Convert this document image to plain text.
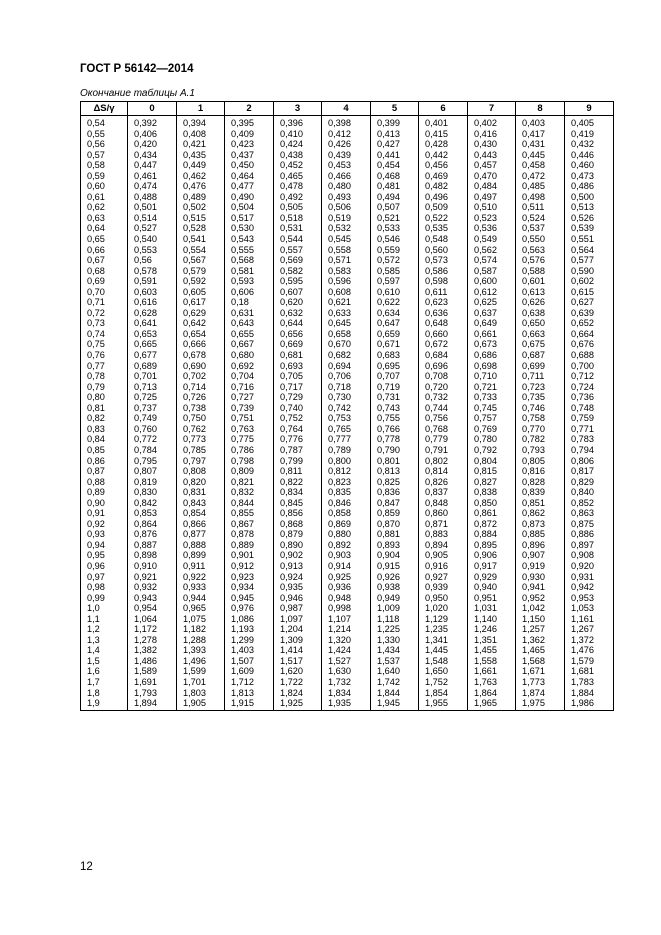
ГОСТ Р 56142—2014
Окончание таблицы А.1
ΔS/γ	0	1	2	3	4	5	6	7	8	9
0,54	0,392	0,394	0,395	0,396	0,398	0,399	0,401	0,402	0,403	0,405
0,55	0,406	0,408	0,409	0,410	0,412	0,413	0,415	0,416	0,417	0,419
0,56	0,420	0,421	0,423	0,424	0,426	0,427	0,428	0,430	0,431	0,432
0,57	0,434	0,435	0,437	0,438	0,439	0,441	0,442	0,443	0,445	0,446
0,58	0,447	0,449	0,450	0,452	0,453	0,454	0,456	0,457	0,458	0,460
0,59	0,461	0,462	0,464	0,465	0,466	0,468	0,469	0,470	0,472	0,473
0,60	0,474	0,476	0,477	0,478	0,480	0,481	0,482	0,484	0,485	0,486
0,61	0,488	0,489	0,490	0,492	0,493	0,494	0,496	0,497	0,498	0,500
0,62	0,501	0,502	0,504	0,505	0,506	0,507	0,509	0,510	0,511	0,513
0,63	0,514	0,515	0,517	0,518	0,519	0,521	0,522	0,523	0,524	0,526
0,64	0,527	0,528	0,530	0,531	0,532	0,533	0,535	0,536	0,537	0,539
0,65	0,540	0,541	0,543	0,544	0,545	0,546	0,548	0,549	0,550	0,551
0,66	0,553	0,554	0,555	0,557	0,558	0,559	0,560	0,562	0,563	0,564
0,67	0,56	0,567	0,568	0,569	0,571	0,572	0,573	0,574	0,576	0,577
0,68	0,578	0,579	0,581	0,582	0,583	0,585	0,586	0,587	0,588	0,590
0,69	0,591	0,592	0,593	0,595	0,596	0,597	0,598	0,600	0,601	0,602
0,70	0,603	0,605	0,606	0,607	0,608	0,610	0,611	0,612	0,613	0,615
0,71	0,616	0,617	0,18	0,620	0,621	0,622	0,623	0,625	0,626	0,627
0,72	0,628	0,629	0,631	0,632	0,633	0,634	0,636	0,637	0,638	0,639
0,73	0,641	0,642	0,643	0,644	0,645	0,647	0,648	0,649	0,650	0,652
0,74	0,653	0,654	0,655	0,656	0,658	0,659	0,660	0,661	0,663	0,664
0,75	0,665	0,666	0,667	0,669	0,670	0,671	0,672	0,673	0,675	0,676
0,76	0,677	0,678	0,680	0,681	0,682	0,683	0,684	0,686	0,687	0,688
0,77	0,689	0,690	0,692	0,693	0,694	0,695	0,696	0,698	0,699	0,700
0,78	0,701	0,702	0,704	0,705	0,706	0,707	0,708	0,710	0,711	0,712
0,79	0,713	0,714	0,716	0,717	0,718	0,719	0,720	0,721	0,723	0,724
0,80	0,725	0,726	0,727	0,729	0,730	0,731	0,732	0,733	0,735	0,736
0,81	0,737	0,738	0,739	0,740	0,742	0,743	0,744	0,745	0,746	0,748
0,82	0,749	0,750	0,751	0,752	0,753	0,755	0,756	0,757	0,758	0,759
0,83	0,760	0,762	0,763	0,764	0,765	0,766	0,768	0,769	0,770	0,771
0,84	0,772	0,773	0,775	0,776	0,777	0,778	0,779	0,780	0,782	0,783
0,85	0,784	0,785	0,786	0,787	0,789	0,790	0,791	0,792	0,793	0,794
0,86	0,795	0,797	0,798	0,799	0,800	0,801	0,802	0,804	0,805	0,806
0,87	0,807	0,808	0,809	0,811	0,812	0,813	0,814	0,815	0,816	0,817
0,88	0,819	0,820	0,821	0,822	0,823	0,825	0,826	0,827	0,828	0,829
0,89	0,830	0,831	0,832	0,834	0,835	0,836	0,837	0,838	0,839	0,840
0,90	0,842	0,843	0,844	0,845	0,846	0,847	0,848	0,850	0,851	0,852
0,91	0,853	0,854	0,855	0,856	0,858	0,859	0,860	0,861	0,862	0,863
0,92	0,864	0,866	0,867	0,868	0,869	0,870	0,871	0,872	0,873	0,875
0,93	0,876	0,877	0,878	0,879	0,880	0,881	0,883	0,884	0,885	0,886
0,94	0,887	0,888	0,889	0,890	0,892	0,893	0,894	0,895	0,896	0,897
0,95	0,898	0,899	0,901	0,902	0,903	0,904	0,905	0,906	0,907	0,908
0,96	0,910	0,911	0,912	0,913	0,914	0,915	0,916	0,917	0,919	0,920
0,97	0,921	0,922	0,923	0,924	0,925	0,926	0,927	0,929	0,930	0,931
0,98	0,932	0,933	0,934	0,935	0,936	0,938	0,939	0,940	0,941	0,942
0,99	0,943	0,944	0,945	0,946	0,948	0,949	0,950	0,951	0,952	0,953
1,0	0,954	0,965	0,976	0,987	0,998	1,009	1,020	1,031	1,042	1,053
1,1	1,064	1,075	1,086	1,097	1,107	1,118	1,129	1,140	1,150	1,161
1,2	1,172	1,182	1,193	1,204	1,214	1,225	1,235	1,246	1,257	1,267
1,3	1,278	1,288	1,299	1,309	1,320	1,330	1,341	1,351	1,362	1,372
1,4	1,382	1,393	1,403	1,414	1,424	1,434	1,445	1,455	1,465	1,476
1,5	1,486	1,496	1,507	1,517	1,527	1,537	1,548	1,558	1,568	1,579
1,6	1,589	1,599	1,609	1,620	1,630	1,640	1,650	1,661	1,671	1,681
1,7	1,691	1,701	1,712	1,722	1,732	1,742	1,752	1,763	1,773	1,783
1,8	1,793	1,803	1,813	1,824	1,834	1,844	1,854	1,864	1,874	1,884
1,9	1,894	1,905	1,915	1,925	1,935	1,945	1,955	1,965	1,975	1,986
12
